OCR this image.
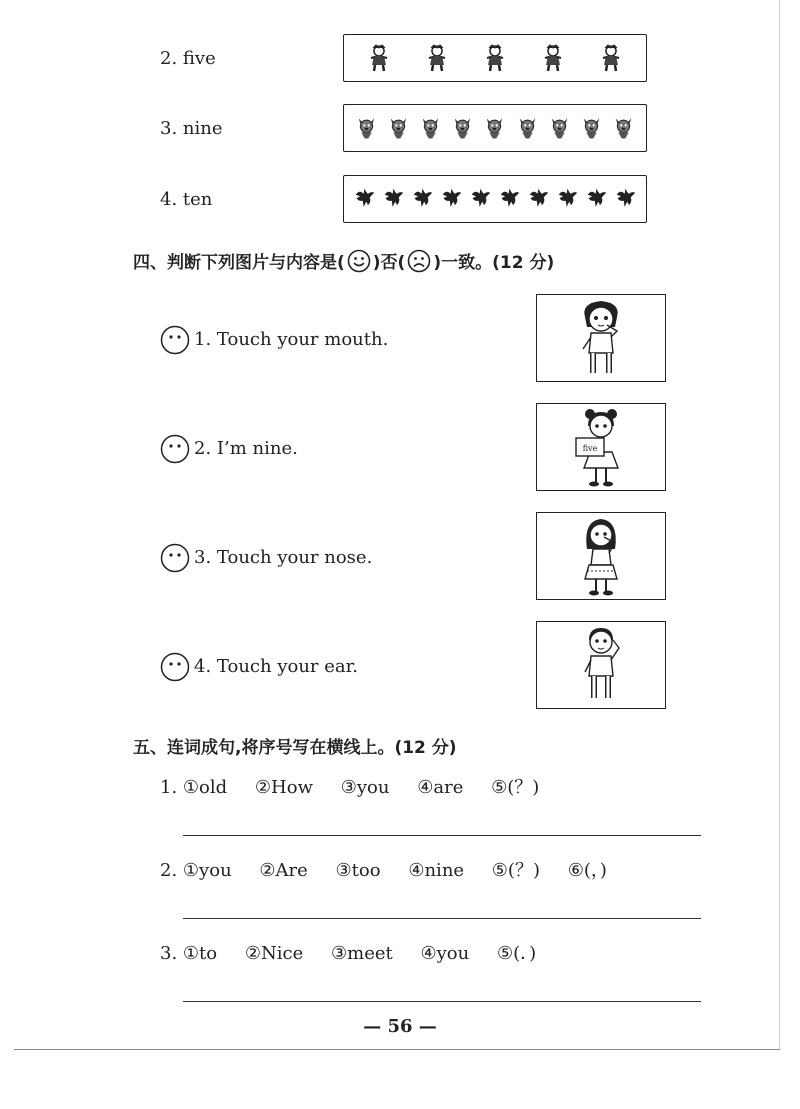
2. five
3. nine
4. ten
四、判断下列图片与内容是( )否( )一致。(12 分)
1. Touch your mouth.
2. I’m nine.	five
3. Touch your nose.
4. Touch your ear.
五、连词成句,将序号写在横线上。(12 分)
1. ①old ②How ③you ④are ⑤(？)
2. ①you ②Are ③too ④nine ⑤(？) ⑥(，)
3. ①to ②Nice ③meet ④you ⑤(．)
— 56 —
